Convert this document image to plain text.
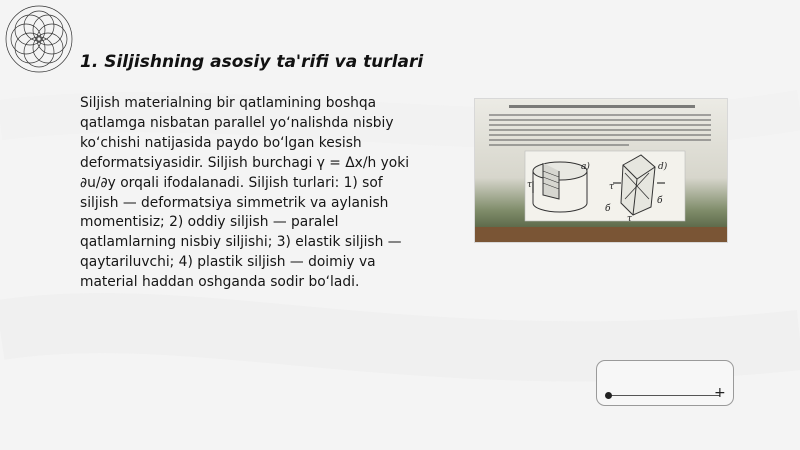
1. Siljishning asosiy ta'rifi va turlari
Siljish materialning bir qatlamining boshqa qatlamga nisbatan parallel yo‘nalishda nisbiy ko‘chishi natijasida paydo bo‘lgan kesish deformatsiyasidir. Siljish burchagi γ = Δx/h yoki ∂u/∂y orqali ifodalanadi. Siljish turlari: 1) sof siljish — deformatsiya simmetrik va aylanish momentisiz; 2) oddiy siljish — paralel qatlamlarning nisbiy siljishi; 3) elastik siljish — qaytariluvchi; 4) plastik siljish — doimiy va material haddan oshganda sodir bo‘ladi.
a)	d)
τ	τ
τ
б
б
+
